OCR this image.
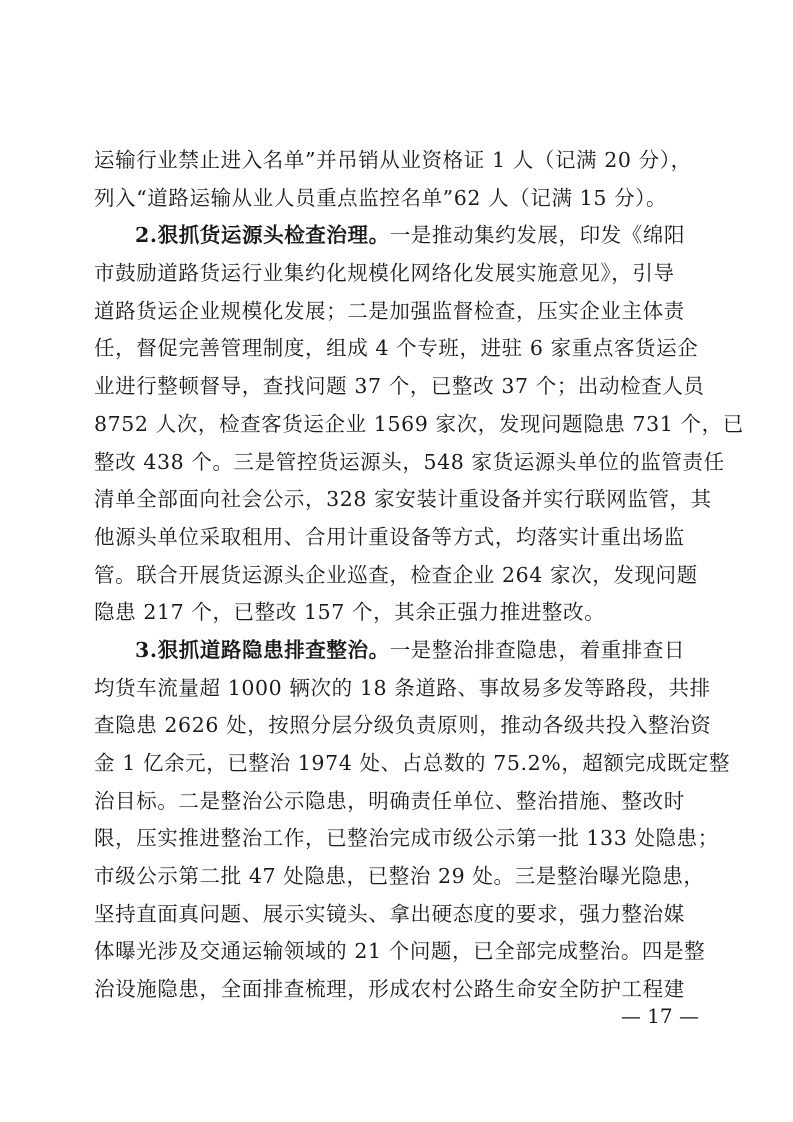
运输行业禁止进入名单”并吊销从业资格证 1 人（记满 20 分），
列入“道路运输从业人员重点监控名单”62 人（记满 15 分）。
2.狠抓货运源头检查治理。一是推动集约发展，印发《绵阳
市鼓励道路货运行业集约化规模化网络化发展实施意见》，引导
道路货运企业规模化发展；二是加强监督检查，压实企业主体责
任，督促完善管理制度，组成 4 个专班，进驻 6 家重点客货运企
业进行整顿督导，查找问题 37 个，已整改 37 个；出动检查人员
8752 人次，检查客货运企业 1569 家次，发现问题隐患 731 个，已
整改 438 个。三是管控货运源头，548 家货运源头单位的监管责任
清单全部面向社会公示，328 家安装计重设备并实行联网监管，其
他源头单位采取租用、合用计重设备等方式，均落实计重出场监
管。联合开展货运源头企业巡查，检查企业 264 家次，发现问题
隐患 217 个，已整改 157 个，其余正强力推进整改。
3.狠抓道路隐患排查整治。一是整治排查隐患，着重排查日
均货车流量超 1000 辆次的 18 条道路、事故易多发等路段，共排
查隐患 2626 处，按照分层分级负责原则，推动各级共投入整治资
金 1 亿余元，已整治 1974 处、占总数的 75.2%，超额完成既定整
治目标。二是整治公示隐患，明确责任单位、整治措施、整改时
限，压实推进整治工作，已整治完成市级公示第一批 133 处隐患；
市级公示第二批 47 处隐患，已整治 29 处。三是整治曝光隐患，
坚持直面真问题、展示实镜头、拿出硬态度的要求，强力整治媒
体曝光涉及交通运输领域的 21 个问题，已全部完成整治。四是整
治设施隐患，全面排查梳理，形成农村公路生命安全防护工程建
— 17 —
